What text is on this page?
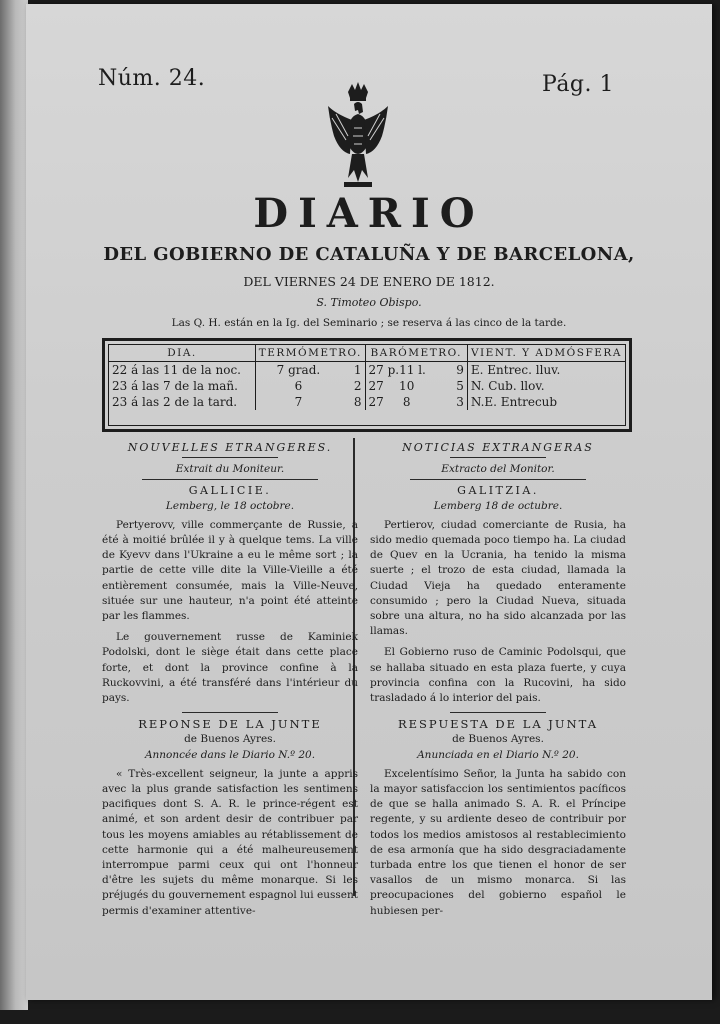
Núm. 24.	Pág. 1
DIARIO
DEL GOBIERNO DE CATALUÑA Y DE BARCELONA,
DEL VIERNES 24 DE ENERO DE 1812.
S. Timoteo Obispo.
Las Q. H. están en la Ig. del Seminario ; se reserva á las cinco de la tarde.
DIA.	TERMÓMETRO.		BARÓMETRO.		VIENT. Y ADMÓSFERA
22 á las 11 de la noc.	7 grad.	1	27 p.11 l.	9	E. Entrec. lluv.
23 á las 7 de la mañ.	6	2	27    10	5	N. Cub. llov.
23 á las 2 de la tard.	7	8	27     8	3	N.E. Entrecub
NOUVELLES ETRANGERES.
Extrait du Moniteur.
GALLICIE.
Lemberg, le 18 octobre.

Pertyerovv, ville commerçante de Russie, a été à moitié brûlée il y à quelque tems. La ville de Kyevv dans l'Ukraine a eu le même sort ; la partie de cette ville dite la Ville-Vieille a été entièrement consumée, mais la Ville-Neuve, située sur une hauteur, n'a point été atteinte par les flammes.

Le gouvernement russe de Kaminiek Podolski, dont le siège était dans cette place forte, et dont la province confine à la Ruckovvini, a été transféré dans l'intérieur du pays.

REPONSE DE LA JUNTE
de Buenos Ayres.
Annoncée dans le Diario N.º 20.

« Très-excellent seigneur, la junte a appris avec la plus grande satisfaction les sentimens pacifiques dont S. A. R. le prince-régent est animé, et son ardent desir de contribuer par tous les moyens amiables au rétablissement de cette harmonie qui a été malheureusement interrompue parmi ceux qui ont l'honneur d'être les sujets du même monarque. Si les préjugés du gouvernement espagnol lui eussent permis d'examiner attentive-

NOTICIAS EXTRANGERAS
Extracto del Monitor.
GALITZIA.
Lemberg 18 de octubre.

Pertierov, ciudad comerciante de Rusia, ha sido medio quemada poco tiempo ha. La ciudad de Quev en la Ucrania, ha tenido la misma suerte ; el trozo de esta ciudad, llamada la Ciudad Vieja ha quedado enteramente consumido ; pero la Ciudad Nueva, situada sobre una altura, no ha sido alcanzada por las llamas.

El Gobierno ruso de Caminic Podolsqui, que se hallaba situado en esta plaza fuerte, y cuya provincia confina con la Rucovini, ha sido trasladado á lo interior del pais.

RESPUESTA DE LA JUNTA
de Buenos Ayres.
Anunciada en el Diario N.º 20.

Excelentísimo Señor, la Junta ha sabido con la mayor satisfaccion los sentimientos pacíficos de que se halla animado S. A. R. el Príncipe regente, y su ardiente deseo de contribuir por todos los medios amistosos al restablecimiento de esa armonía que ha sido desgraciadamente turbada entre los que tienen el honor de ser vasallos de un mismo monarca. Si las preocupaciones del gobierno español le hubiesen per-
